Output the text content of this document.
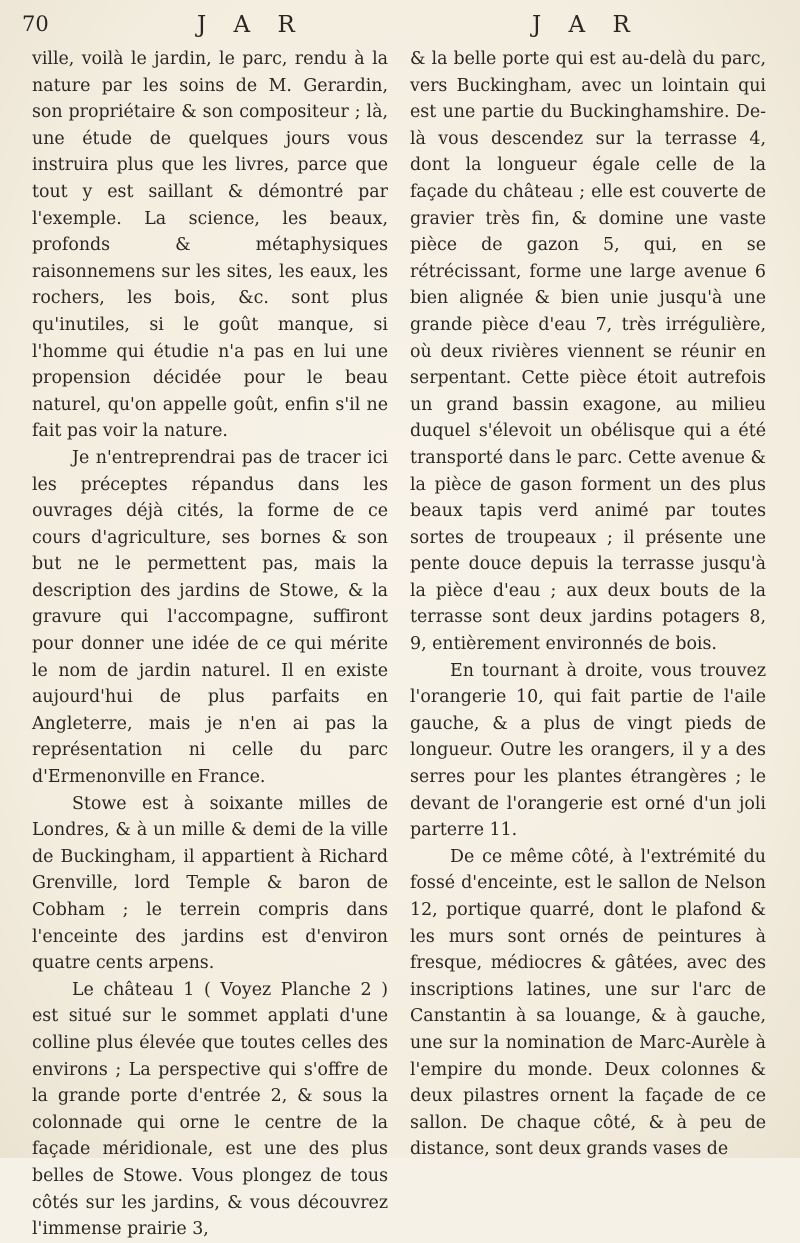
70	J A R	J A R

ville, voilà le jardin, le parc, rendu à la nature par les soins de M. Gerardin, son propriétaire & son compositeur ; là, une étude de quelques jours vous instruira plus que les livres, parce que tout y est saillant & démontré par l'exemple. La science, les beaux, profonds & métaphysiques raisonnemens sur les sites, les eaux, les rochers, les bois, &c. sont plus qu'inutiles, si le goût manque, si l'homme qui étudie n'a pas en lui une propension décidée pour le beau naturel, qu'on appelle goût, enfin s'il ne fait pas voir la nature.

Je n'entreprendrai pas de tracer ici les préceptes répandus dans les ouvrages déjà cités, la forme de ce cours d'agriculture, ses bornes & son but ne le permettent pas, mais la description des jardins de Stowe, & la gravure qui l'accompagne, suffiront pour donner une idée de ce qui mérite le nom de jardin naturel. Il en existe aujourd'hui de plus parfaits en Angleterre, mais je n'en ai pas la représentation ni celle du parc d'Ermenonville en France.

Stowe est à soixante milles de Londres, & à un mille & demi de la ville de Buckingham, il appartient à Richard Grenville, lord Temple & baron de Cobham ; le terrein compris dans l'enceinte des jardins est d'environ quatre cents arpens.

Le château 1 ( Voyez Planche 2 ) est situé sur le sommet applati d'une colline plus élevée que toutes celles des environs ; La perspective qui s'offre de la grande porte d'entrée 2, & sous la colonnade qui orne le centre de la façade méridionale, est une des plus belles de Stowe. Vous plongez de tous côtés sur les jardins, & vous découvrez l'immense prairie 3,

& la belle porte qui est au-delà du parc, vers Buckingham, avec un lointain qui est une partie du Buckinghamshire. De-là vous descendez sur la terrasse 4, dont la longueur égale celle de la façade du château ; elle est couverte de gravier très fin, & domine une vaste pièce de gazon 5, qui, en se rétrécissant, forme une large avenue 6 bien alignée & bien unie jusqu'à une grande pièce d'eau 7, très irrégulière, où deux rivières viennent se réunir en serpentant. Cette pièce étoit autrefois un grand bassin exagone, au milieu duquel s'élevoit un obélisque qui a été transporté dans le parc. Cette avenue & la pièce de gason forment un des plus beaux tapis verd animé par toutes sortes de troupeaux ; il présente une pente douce depuis la terrasse jusqu'à la pièce d'eau ; aux deux bouts de la terrasse sont deux jardins potagers 8, 9, entièrement environnés de bois.

En tournant à droite, vous trouvez l'orangerie 10, qui fait partie de l'aile gauche, & a plus de vingt pieds de longueur. Outre les orangers, il y a des serres pour les plantes étrangères ; le devant de l'orangerie est orné d'un joli parterre 11.

De ce même côté, à l'extrémité du fossé d'enceinte, est le sallon de Nelson 12, portique quarré, dont le plafond & les murs sont ornés de peintures à fresque, médiocres & gâtées, avec des inscriptions latines, une sur l'arc de Canstantin à sa louange, & à gauche, une sur la nomination de Marc-Aurèle à l'empire du monde. Deux colonnes & deux pilastres ornent la façade de ce sallon. De chaque côté, & à peu de distance, sont deux grands vases de
